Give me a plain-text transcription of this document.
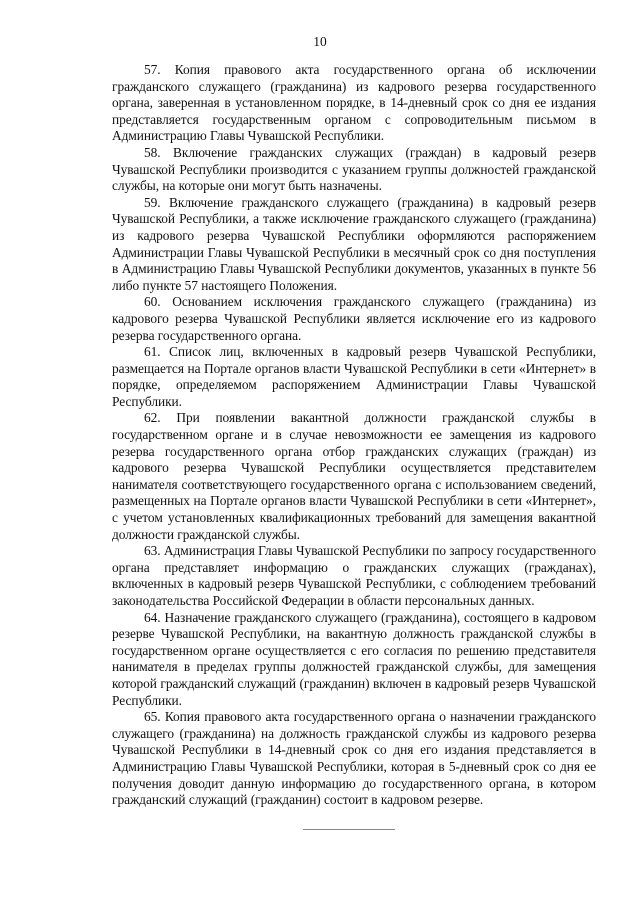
10

57. Копия правового акта государственного органа об исключении гражданского служащего (гражданина) из кадрового резерва государственного органа, заверенная в установленном порядке, в 14-дневный срок со дня ее издания представляется государственным органом с сопроводительным письмом в Администрацию Главы Чувашской Республики.

58. Включение гражданских служащих (граждан) в кадровый резерв Чувашской Республики производится с указанием группы должностей гражданской службы, на которые они могут быть назначены.

59. Включение гражданского служащего (гражданина) в кадровый резерв Чувашской Республики, а также исключение гражданского служащего (гражданина) из кадрового резерва Чувашской Республики оформляются распоряжением Администрации Главы Чувашской Республики в месячный срок со дня поступления в Администрацию Главы Чувашской Республики документов, указанных в пункте 56 либо пункте 57 настоящего Положения.

60. Основанием исключения гражданского служащего (гражданина) из кадрового резерва Чувашской Республики является исключение его из кадрового резерва государственного органа.

61. Список лиц, включенных в кадровый резерв Чувашской Республики, размещается на Портале органов власти Чувашской Республики в сети «Интернет» в порядке, определяемом распоряжением Администрации Главы Чувашской Республики.

62. При появлении вакантной должности гражданской службы в государственном органе и в случае невозможности ее замещения из кадрового резерва государственного органа отбор гражданских служащих (граждан) из кадрового резерва Чувашской Республики осуществляется представителем нанимателя соответствующего государственного органа с использованием сведений, размещенных на Портале органов власти Чувашской Республики в сети «Интернет», с учетом установленных квалификационных требований для замещения вакантной должности гражданской службы.

63. Администрация Главы Чувашской Республики по запросу государственного органа представляет информацию о гражданских служащих (гражданах), включенных в кадровый резерв Чувашской Республики, с соблюдением требований законодательства Российской Федерации в области персональных данных.

64. Назначение гражданского служащего (гражданина), состоящего в кадровом резерве Чувашской Республики, на вакантную должность гражданской службы в государственном органе осуществляется с его согласия по решению представителя нанимателя в пределах группы должностей гражданской службы, для замещения которой гражданский служащий (гражданин) включен в кадровый резерв Чувашской Республики.

65. Копия правового акта государственного органа о назначении гражданского служащего (гражданина) на должность гражданской службы из кадрового резерва Чувашской Республики в 14-дневный срок со дня его издания представляется в Администрацию Главы Чувашской Республики, которая в 5-дневный срок со дня ее получения доводит данную информацию до государственного органа, в котором гражданский служащий (гражданин) состоит в кадровом резерве.
